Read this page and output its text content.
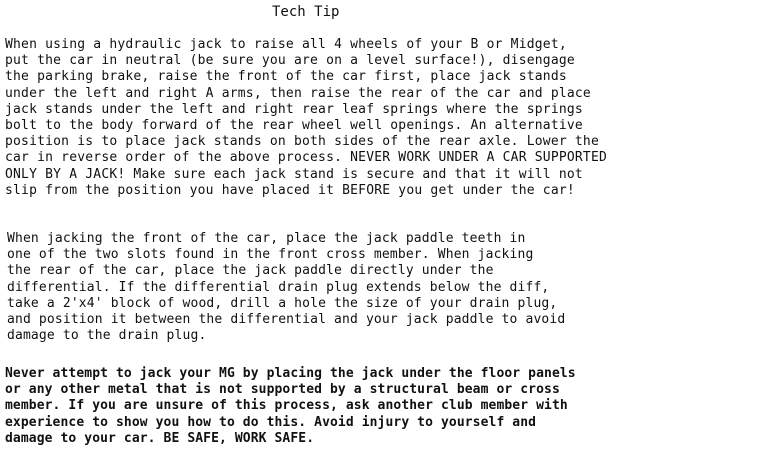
Tech Tip
When using a hydraulic jack to raise all 4 wheels of your B or Midget,
put the car in neutral (be sure you are on a level surface!), disengage
the parking brake, raise the front of the car first, place jack stands
under the left and right A arms, then raise the rear of the car and place
jack stands under the left and right rear leaf springs where the springs
bolt to the body forward of the rear wheel well openings. An alternative
position is to place jack stands on both sides of the rear axle. Lower the
car in reverse order of the above process. NEVER WORK UNDER A CAR SUPPORTED
ONLY BY A JACK! Make sure each jack stand is secure and that it will not
slip from the position you have placed it BEFORE you get under the car!
When jacking the front of the car, place the jack paddle teeth in
one of the two slots found in the front cross member. When jacking
the rear of the car, place the jack paddle directly under the
differential. If the differential drain plug extends below the diff,
take a 2'x4' block of wood, drill a hole the size of your drain plug,
and position it between the differential and your jack paddle to avoid
damage to the drain plug.
Never attempt to jack your MG by placing the jack under the floor panels
or any other metal that is not supported by a structural beam or cross
member. If you are unsure of this process, ask another club member with
experience to show you how to do this. Avoid injury to yourself and
damage to your car. BE SAFE, WORK SAFE.
